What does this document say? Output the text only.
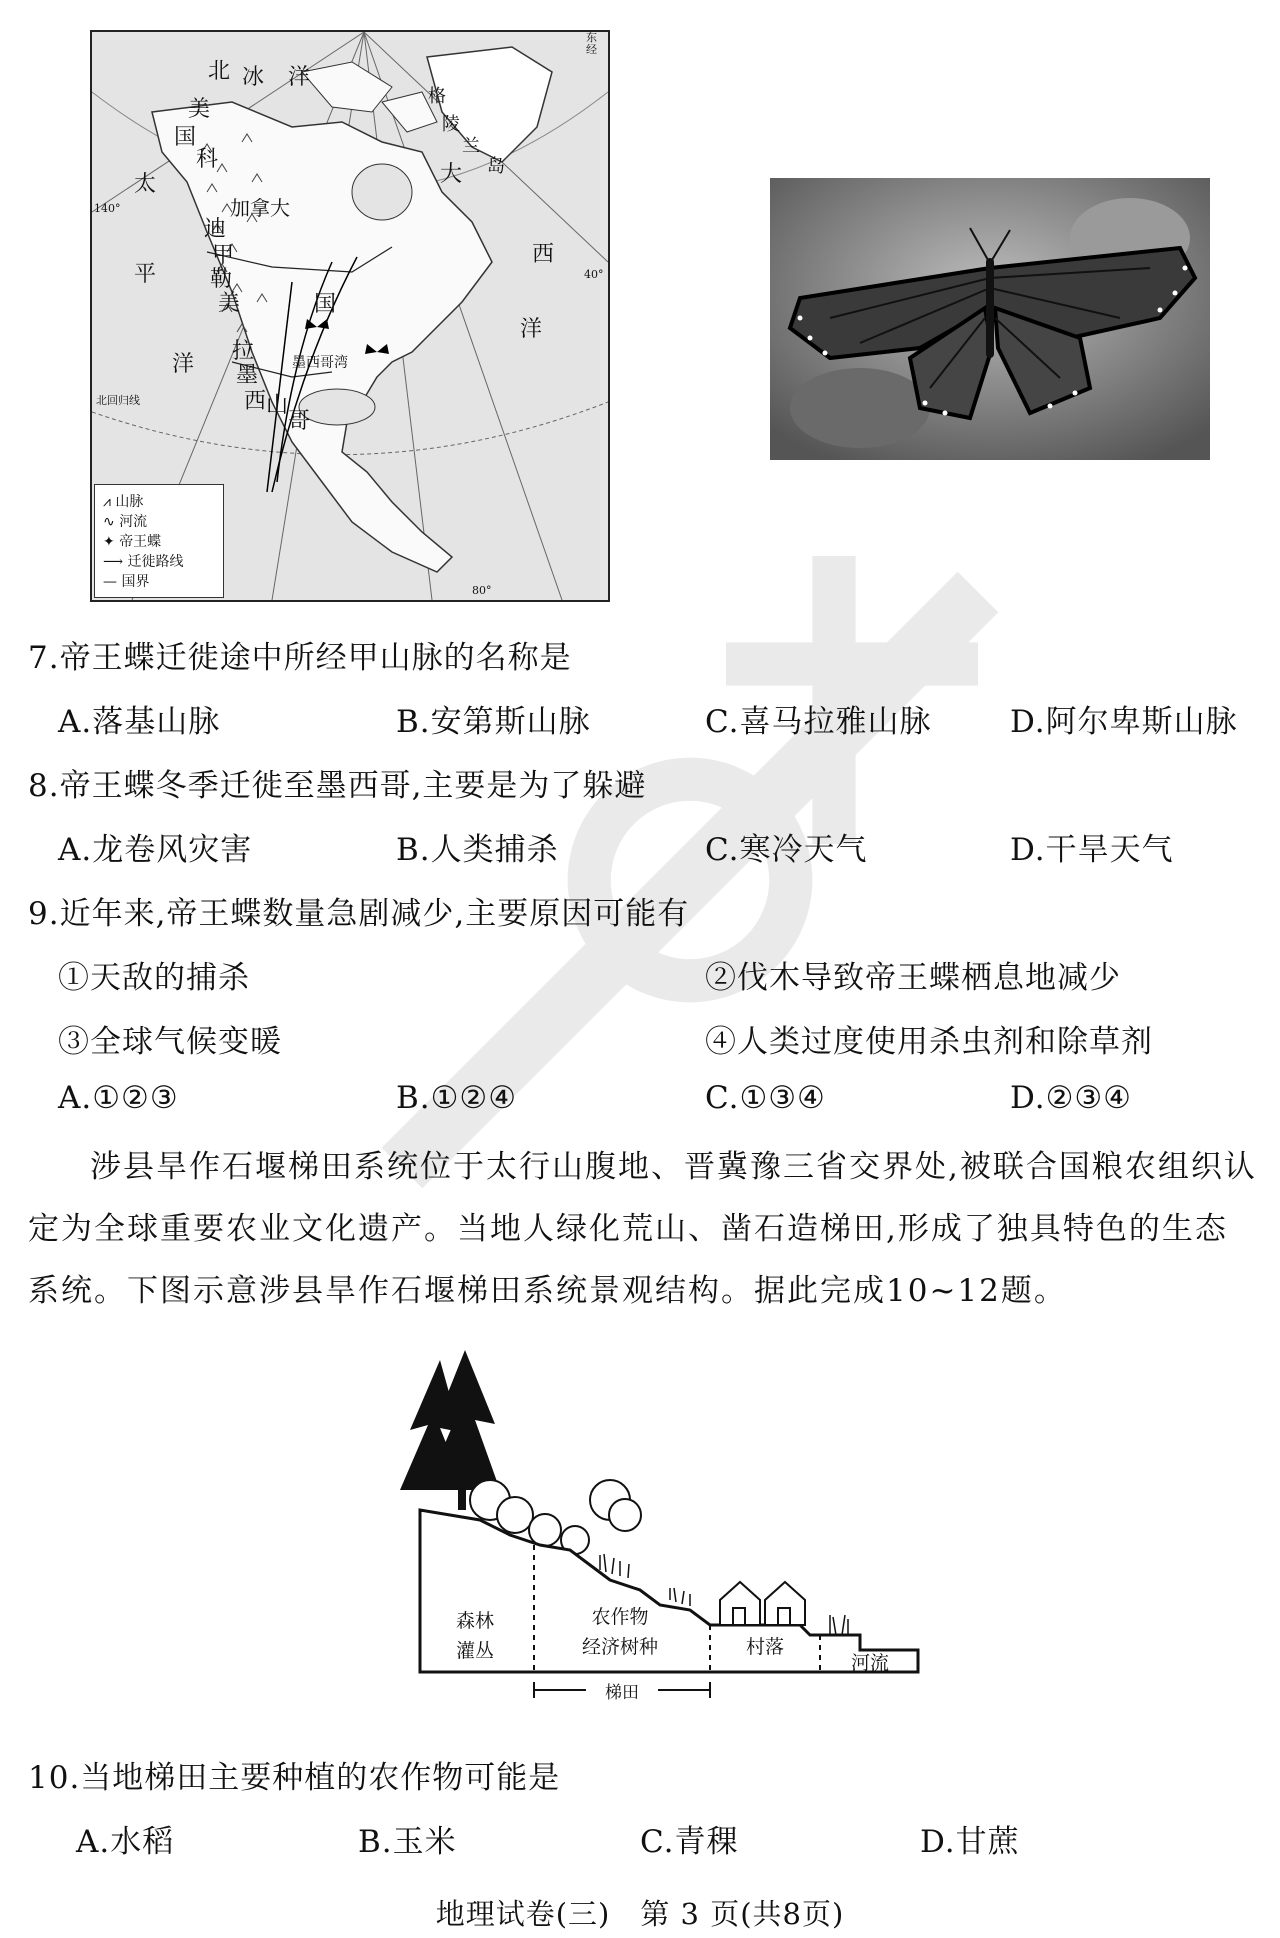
北 冰 洋
格
陵
兰
岛
美
国
科
迪
太
平
洋
大
西
洋
加拿大
甲
勒
美	国
拉
墨 墨西哥湾
西 山
哥
东经
140°
40°
80°
北回归线
⩘ 山脉
∿ 河流
✦ 帝王蝶
⟶ 迁徙路线
— 国界
7.帝王蝶迁徙途中所经甲山脉的名称是
A.落基山脉	B.安第斯山脉	C.喜马拉雅山脉	D.阿尔卑斯山脉
8.帝王蝶冬季迁徙至墨西哥,主要是为了躲避
A.龙卷风灾害	B.人类捕杀	C.寒冷天气	D.干旱天气
9.近年来,帝王蝶数量急剧减少,主要原因可能有
①天敌的捕杀	②伐木导致帝王蝶栖息地减少
③全球气候变暖	④人类过度使用杀虫剂和除草剂
A.①②③	B.①②④	C.①③④	D.②③④
涉县旱作石堰梯田系统位于太行山腹地、晋冀豫三省交界处,被联合国粮农组织认定为全球重要农业文化遗产。当地人绿化荒山、凿石造梯田,形成了独具特色的生态系统。下图示意涉县旱作石堰梯田系统景观结构。据此完成10~12题。
森林
灌丛
农作物
经济树种	村落
河流
梯田
10.当地梯田主要种植的农作物可能是
A.水稻	B.玉米	C.青稞	D.甘蔗
地理试卷(三)　第 3 页(共8页)
